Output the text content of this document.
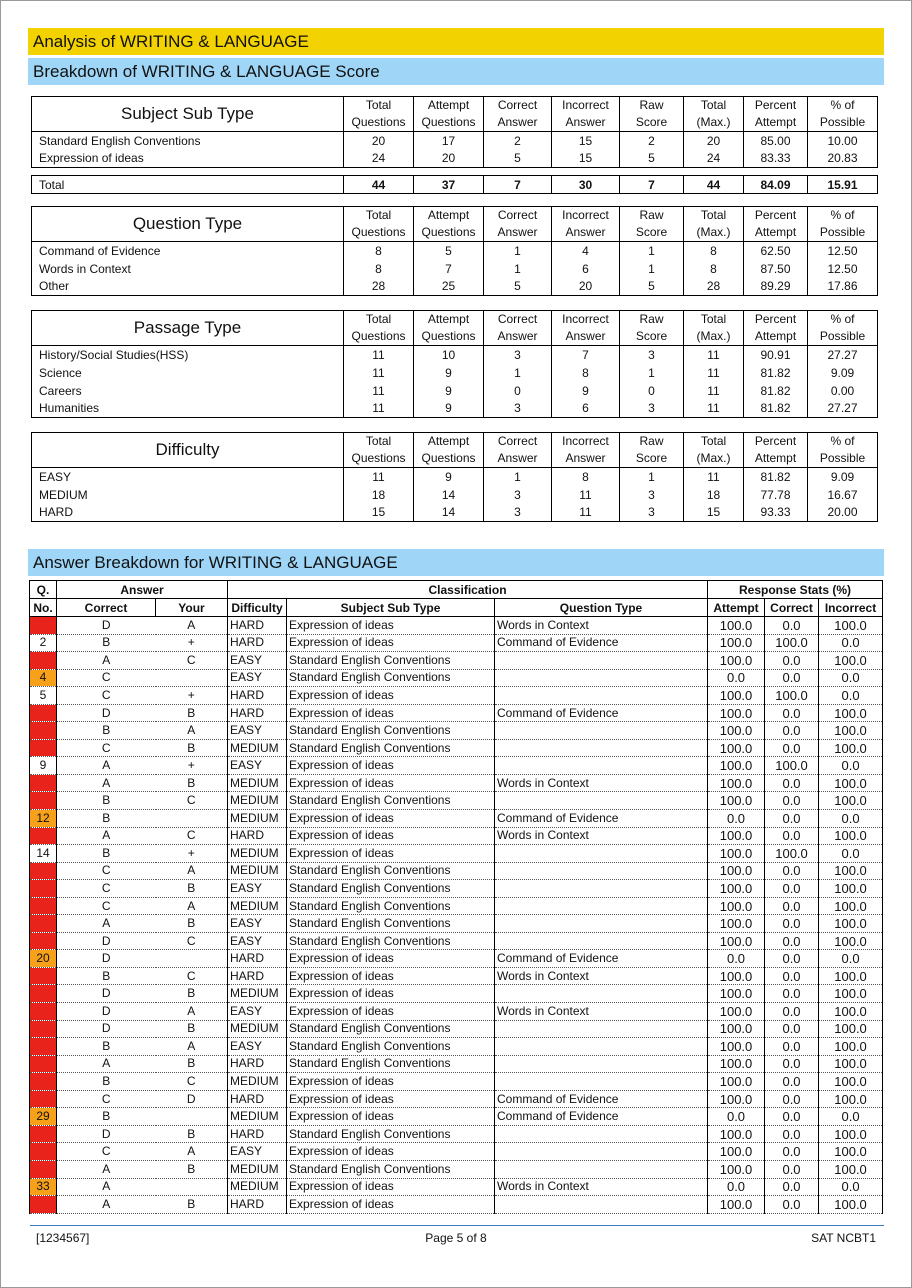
Analysis of WRITING & LANGUAGE
Breakdown of WRITING & LANGUAGE Score
Subject Sub Type	Total	Attempt	Correct	Incorrect	Raw	Total	Percent	% of
	Questions	Questions	Answer	Answer	Score	(Max.)	Attempt	Possible
Standard English Conventions	20	17	2	15	2	20	85.00	10.00
Expression of ideas	24	20	5	15	5	24	83.33	20.83

Total	44	37	7	30	7	44	84.09	15.91
Question Type	Total	Attempt	Correct	Incorrect	Raw	Total	Percent	% of
	Questions	Questions	Answer	Answer	Score	(Max.)	Attempt	Possible
Command of Evidence	8	5	1	4	1	8	62.50	12.50
Words in Context	8	7	1	6	1	8	87.50	12.50
Other	28	25	5	20	5	28	89.29	17.86
Passage Type	Total	Attempt	Correct	Incorrect	Raw	Total	Percent	% of
	Questions	Questions	Answer	Answer	Score	(Max.)	Attempt	Possible
History/Social Studies(HSS)	11	10	3	7	3	11	90.91	27.27
Science	11	9	1	8	1	11	81.82	9.09
Careers	11	9	0	9	0	11	81.82	0.00
Humanities	11	9	3	6	3	11	81.82	27.27
Difficulty	Total	Attempt	Correct	Incorrect	Raw	Total	Percent	% of
	Questions	Questions	Answer	Answer	Score	(Max.)	Attempt	Possible
EASY	11	9	1	8	1	11	81.82	9.09
MEDIUM	18	14	3	11	3	18	77.78	16.67
HARD	15	14	3	11	3	15	93.33	20.00
Answer Breakdown for WRITING & LANGUAGE
Q.	Answer		Classification			Response Stats (%)		
No.	Correct	Your	Difficulty	Subject Sub Type	Question Type	Attempt	Correct	Incorrect
1	D	A	HARD	Expression of ideas	Words in Context	100.0	0.0	100.0
2	B	+	HARD	Expression of ideas	Command of Evidence	100.0	100.0	0.0
3	A	C	EASY	Standard English Conventions		100.0	0.0	100.0
4	C		EASY	Standard English Conventions		0.0	0.0	0.0
5	C	+	HARD	Expression of ideas		100.0	100.0	0.0
6	D	B	HARD	Expression of ideas	Command of Evidence	100.0	0.0	100.0
7	B	A	EASY	Standard English Conventions		100.0	0.0	100.0
8	C	B	MEDIUM	Standard English Conventions		100.0	0.0	100.0
9	A	+	EASY	Expression of ideas		100.0	100.0	0.0
10	A	B	MEDIUM	Expression of ideas	Words in Context	100.0	0.0	100.0
11	B	C	MEDIUM	Standard English Conventions		100.0	0.0	100.0
12	B		MEDIUM	Expression of ideas	Command of Evidence	0.0	0.0	0.0
13	A	C	HARD	Expression of ideas	Words in Context	100.0	0.0	100.0
14	B	+	MEDIUM	Expression of ideas		100.0	100.0	0.0
15	C	A	MEDIUM	Standard English Conventions		100.0	0.0	100.0
16	C	B	EASY	Standard English Conventions		100.0	0.0	100.0
17	C	A	MEDIUM	Standard English Conventions		100.0	0.0	100.0
18	A	B	EASY	Standard English Conventions		100.0	0.0	100.0
19	D	C	EASY	Standard English Conventions		100.0	0.0	100.0
20	D		HARD	Expression of ideas	Command of Evidence	0.0	0.0	0.0
21	B	C	HARD	Expression of ideas	Words in Context	100.0	0.0	100.0
22	D	B	MEDIUM	Expression of ideas		100.0	0.0	100.0
23	D	A	EASY	Expression of ideas	Words in Context	100.0	0.0	100.0
24	D	B	MEDIUM	Standard English Conventions		100.0	0.0	100.0
25	B	A	EASY	Standard English Conventions		100.0	0.0	100.0
26	A	B	HARD	Standard English Conventions		100.0	0.0	100.0
27	B	C	MEDIUM	Expression of ideas		100.0	0.0	100.0
28	C	D	HARD	Expression of ideas	Command of Evidence	100.0	0.0	100.0
29	B		MEDIUM	Expression of ideas	Command of Evidence	0.0	0.0	0.0
30	D	B	HARD	Standard English Conventions		100.0	0.0	100.0
31	C	A	EASY	Expression of ideas		100.0	0.0	100.0
32	A	B	MEDIUM	Standard English Conventions		100.0	0.0	100.0
33	A		MEDIUM	Expression of ideas	Words in Context	0.0	0.0	0.0
34	A	B	HARD	Expression of ideas		100.0	0.0	100.0
[1234567]	Page 5 of 8	SAT NCBT1
